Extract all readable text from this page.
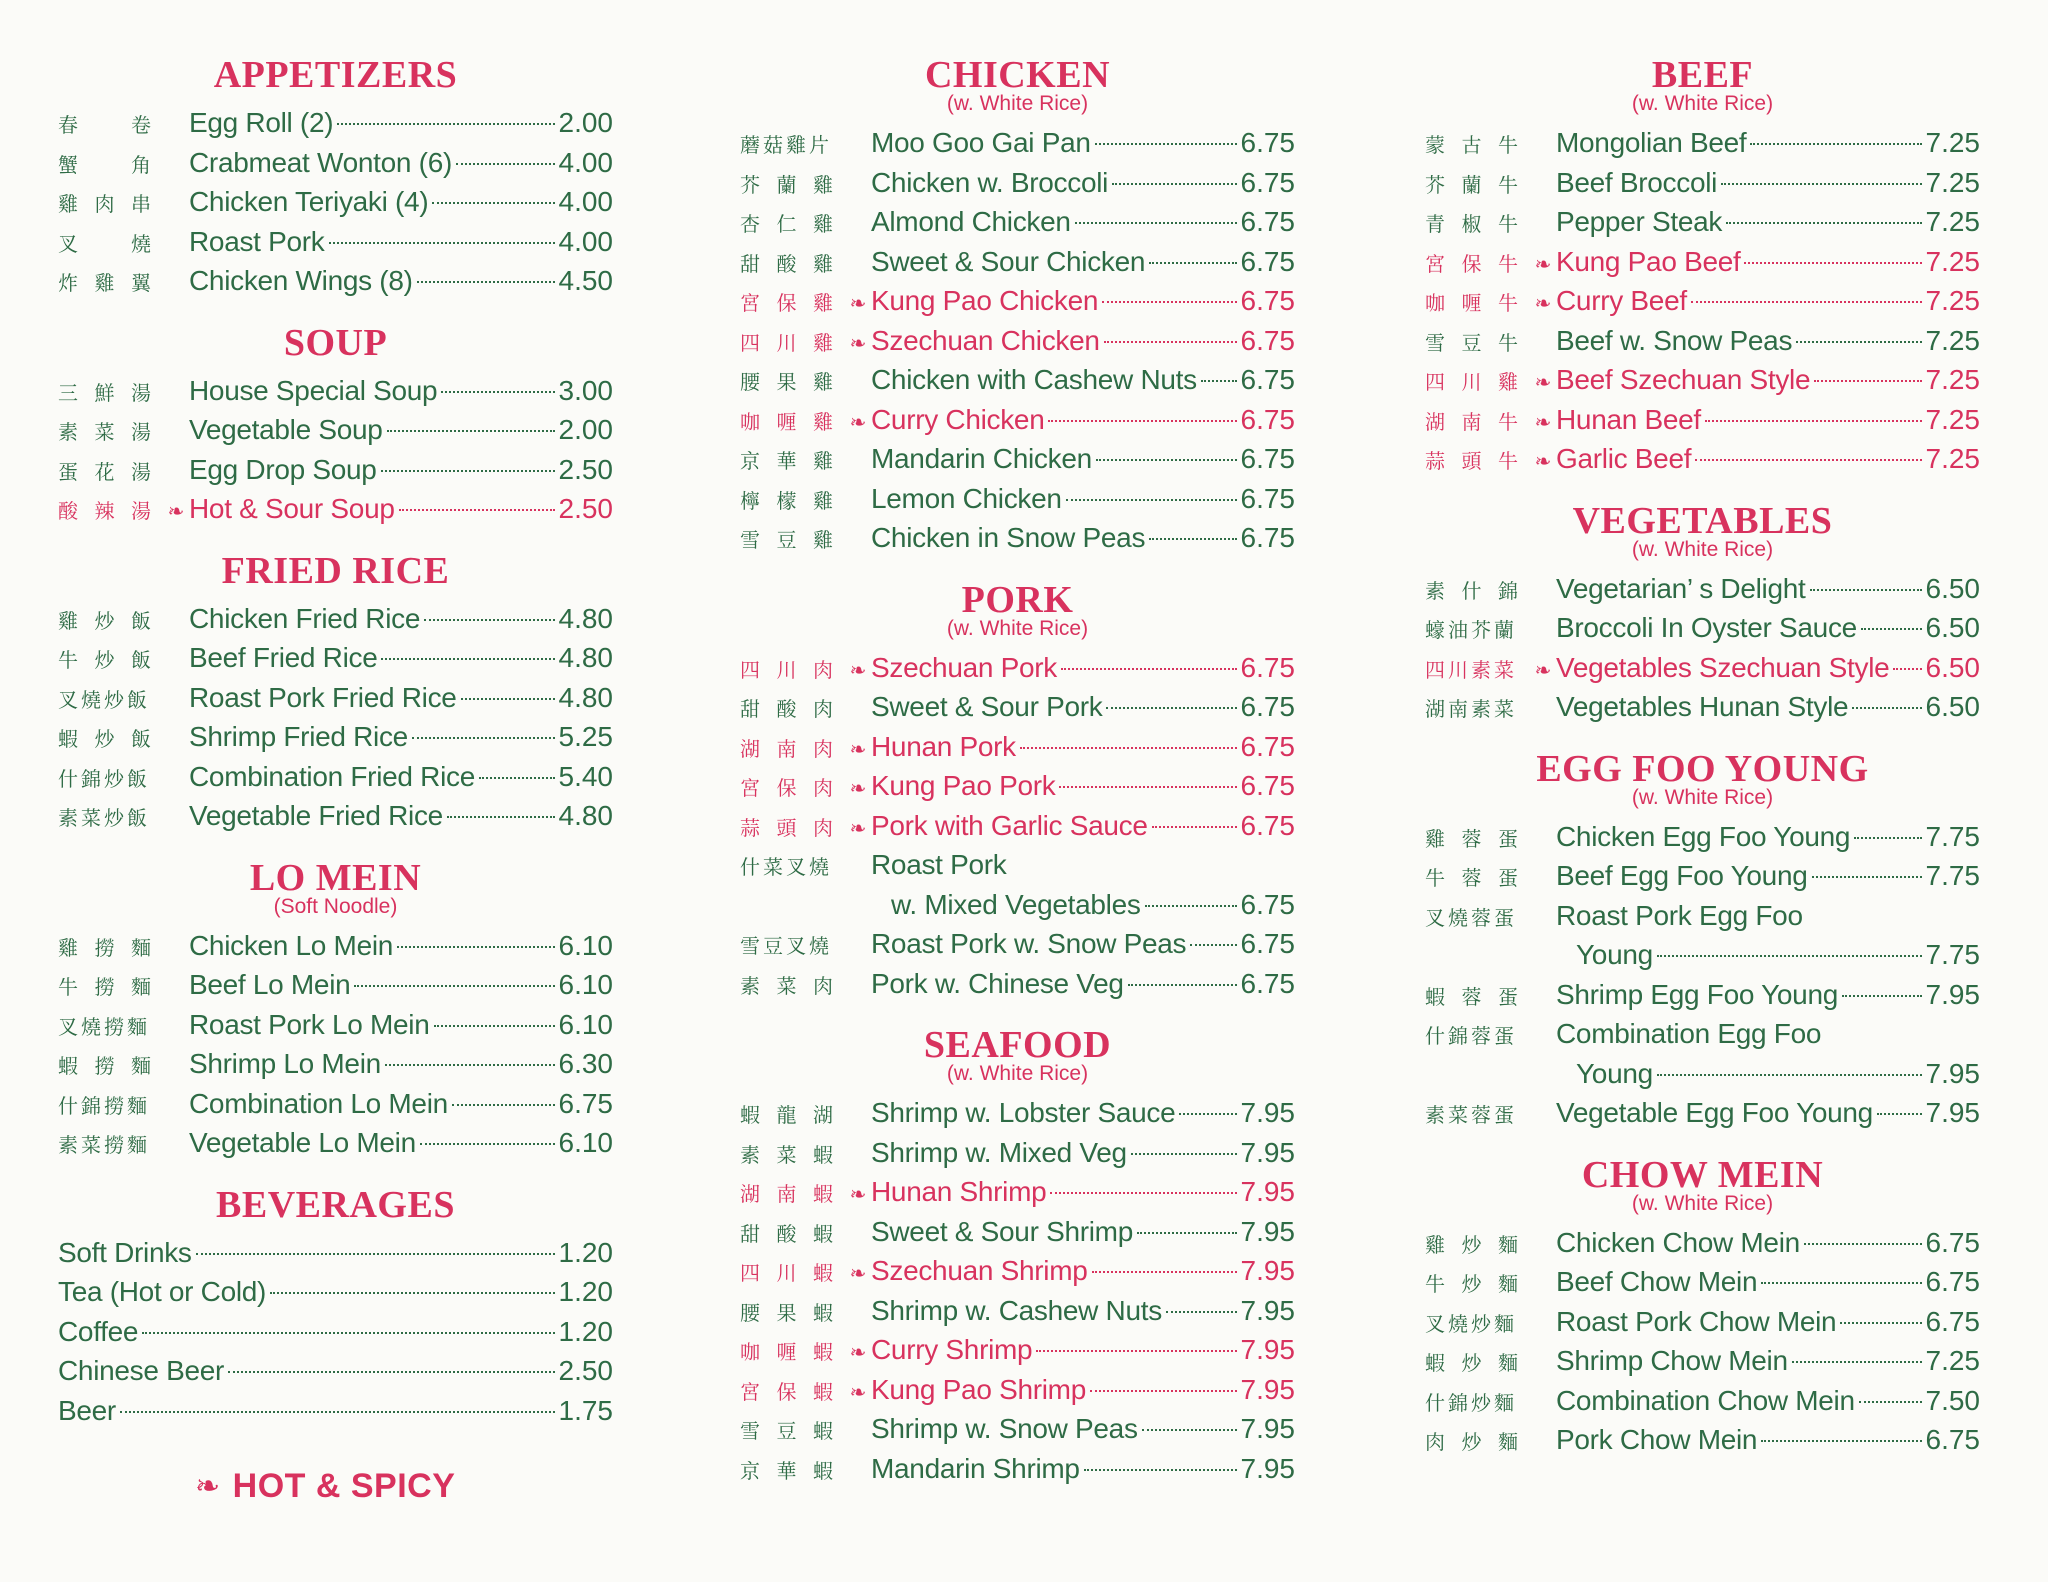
APPETIZERS
春	卷 Egg Roll (2)	2.00
蟹	角 Crabmeat Wonton (6)	4.00
雞 肉 串 Chicken Teriyaki (4)	4.00
叉	燒 Roast Pork	4.00
炸 雞 翼 Chicken Wings (8)	4.50
SOUP
三 鮮 湯 House Special Soup	3.00
素 菜 湯 Vegetable Soup	2.00
蛋 花 湯 Egg Drop Soup	2.50
酸 辣 湯 ❧ Hot & Sour Soup	2.50
FRIED RICE
雞 炒 飯 Chicken Fried Rice	4.80
牛 炒 飯 Beef Fried Rice	4.80
叉燒炒飯 Roast Pork Fried Rice	4.80
蝦 炒 飯 Shrimp Fried Rice	5.25
什錦炒飯 Combination Fried Rice	5.40
素菜炒飯 Vegetable Fried Rice	4.80
LO MEIN
(Soft Noodle)
雞 撈 麵 Chicken Lo Mein	6.10
牛 撈 麵 Beef Lo Mein	6.10
叉燒撈麵 Roast Pork Lo Mein	6.10
蝦 撈 麵 Shrimp Lo Mein	6.30
什錦撈麵 Combination Lo Mein	6.75
素菜撈麵 Vegetable Lo Mein	6.10
BEVERAGES
Soft Drinks	1.20
Tea (Hot or Cold)	1.20
Coffee	1.20
Chinese Beer	2.50
Beer	1.75
CHICKEN
(w. White Rice)
蘑菇雞片 Moo Goo Gai Pan	6.75
芥 蘭 雞 Chicken w. Broccoli	6.75
杏 仁 雞 Almond Chicken	6.75
甜 酸 雞 Sweet & Sour Chicken	6.75
宮 保 雞 ❧ Kung Pao Chicken	6.75
四 川 雞 ❧ Szechuan Chicken	6.75
腰 果 雞 Chicken with Cashew Nuts 6.75
咖 喱 雞 ❧ Curry Chicken	6.75
京 華 雞 Mandarin Chicken	6.75
檸 檬 雞 Lemon Chicken	6.75
雪 豆 雞 Chicken in Snow Peas	6.75
PORK
(w. White Rice)
四 川 肉 ❧ Szechuan Pork	6.75
甜 酸 肉 Sweet & Sour Pork	6.75
湖 南 肉 ❧ Hunan Pork	6.75
宮 保 肉 ❧ Kung Pao Pork	6.75
蒜 頭 肉 ❧ Pork with Garlic Sauce	6.75
什菜叉燒 Roast Pork
w. Mixed Vegetables	6.75
雪豆叉燒 Roast Pork w. Snow Peas 6.75
素 菜 肉 Pork w. Chinese Veg	6.75
SEAFOOD
(w. White Rice)
蝦 龍 湖 Shrimp w. Lobster Sauce 7.95
素 菜 蝦 Shrimp w. Mixed Veg	7.95
湖 南 蝦 ❧ Hunan Shrimp	7.95
甜 酸 蝦 Sweet & Sour Shrimp	7.95
四 川 蝦 ❧ Szechuan Shrimp	7.95
腰 果 蝦 Shrimp w. Cashew Nuts	7.95
咖 喱 蝦 ❧ Curry Shrimp	7.95
宮 保 蝦 ❧ Kung Pao Shrimp	7.95
雪 豆 蝦 Shrimp w. Snow Peas	7.95
京 華 蝦 Mandarin Shrimp	7.95
BEEF
(w. White Rice)
蒙 古 牛 Mongolian Beef	7.25
芥 蘭 牛 Beef Broccoli	7.25
青 椒 牛 Pepper Steak	7.25
宮 保 牛 ❧ Kung Pao Beef	7.25
咖 喱 牛 ❧ Curry Beef	7.25
雪 豆 牛 Beef w. Snow Peas	7.25
四 川 雞 ❧ Beef Szechuan Style	7.25
湖 南 牛 ❧ Hunan Beef	7.25
蒜 頭 牛 ❧ Garlic Beef	7.25
VEGETABLES
(w. White Rice)
素 什 錦 Vegetarian’ s Delight	6.50
蠔油芥蘭 Broccoli In Oyster Sauce 6.50
四川素菜 ❧ Vegetables Szechuan Style 6.50
湖南素菜 Vegetables Hunan Style	6.50
EGG FOO YOUNG
(w. White Rice)
雞 蓉 蛋 Chicken Egg Foo Young	7.75
牛 蓉 蛋 Beef Egg Foo Young	7.75
叉燒蓉蛋 Roast Pork Egg Foo
Young	7.75
蝦 蓉 蛋 Shrimp Egg Foo Young	7.95
什錦蓉蛋 Combination Egg Foo
Young	7.95
素菜蓉蛋 Vegetable Egg Foo Young 7.95
CHOW MEIN
(w. White Rice)
雞 炒 麵 Chicken Chow Mein	6.75
牛 炒 麵 Beef Chow Mein	6.75
叉燒炒麵 Roast Pork Chow Mein	6.75
蝦 炒 麵 Shrimp Chow Mein	7.25
什錦炒麵 Combination Chow Mein	7.50
肉 炒 麵 Pork Chow Mein	6.75
❧ HOT & SPICY
